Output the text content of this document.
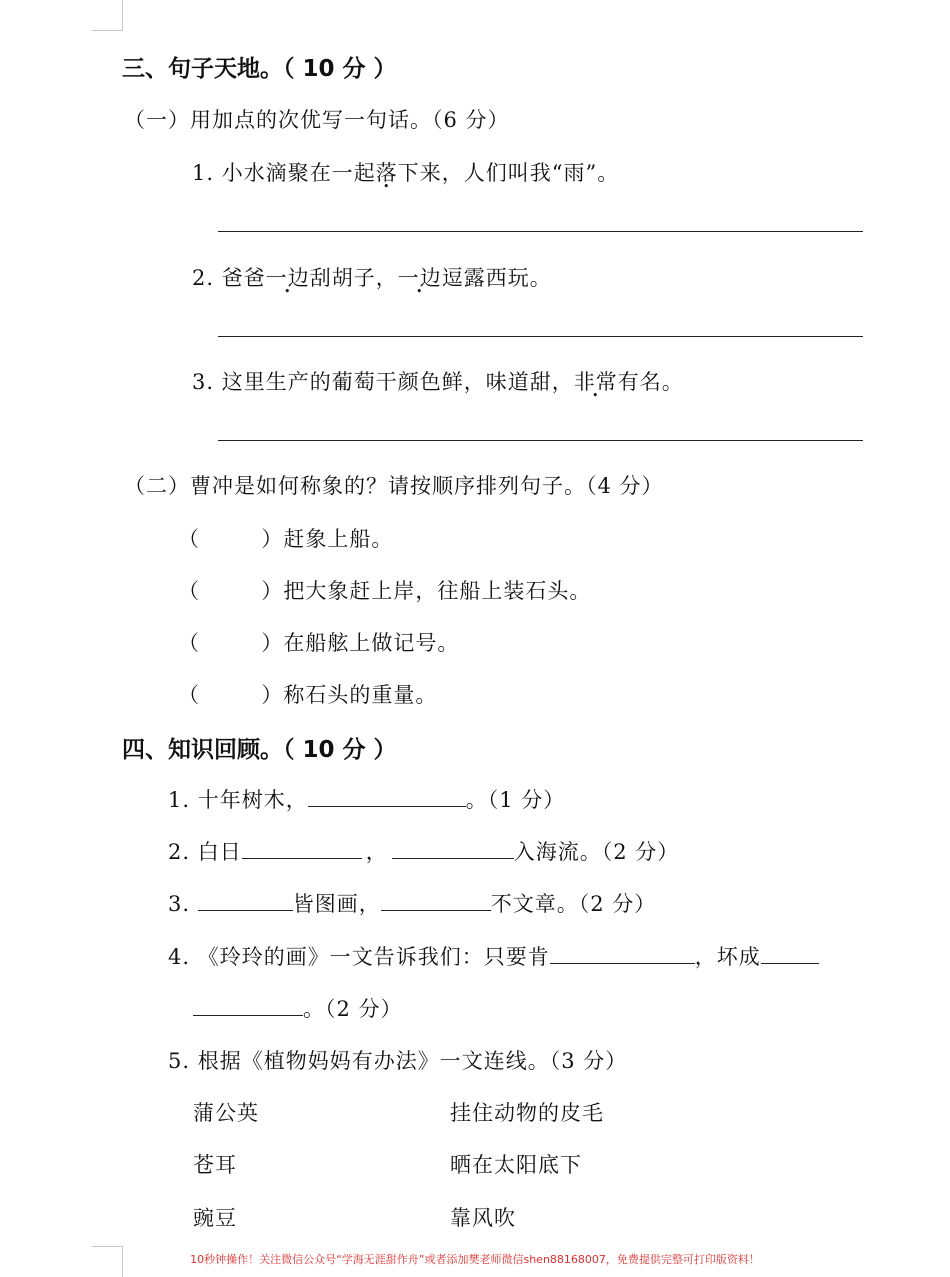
三、句子天地。（ 10 分 ）
（一）用加点的次优写一句话。（6 分）
1. 小水滴聚在一起落下来，人们叫我“雨”。
2. 爸爸一边刮胡子，一边逗露西玩。
3. 这里生产的葡萄干颜色鲜，味道甜，非常有名。
（二）曹冲是如何称象的？请按顺序排列句子。（4 分）
（        ）赶象上船。
（        ）把大象赶上岸，往船上装石头。
（        ）在船舷上做记号。
（        ）称石头的重量。
四、知识回顾。（ 10 分 ）
1. 十年树木，	。（1 分）
2. 白日	，	入海流。（2 分）
3.	皆图画，	不文章。（2 分）
4. 《玲玲的画》一文告诉我们：只要肯	，坏成
。（2 分）
5. 根据《植物妈妈有办法》一文连线。（3 分）
蒲公英	挂住动物的皮毛
苍耳	晒在太阳底下
豌豆	靠风吹
10秒钟操作！关注微信公众号“学海无涯甜作舟”或者添加樊老师微信shen88168007，免费提供完整可打印版资料！
